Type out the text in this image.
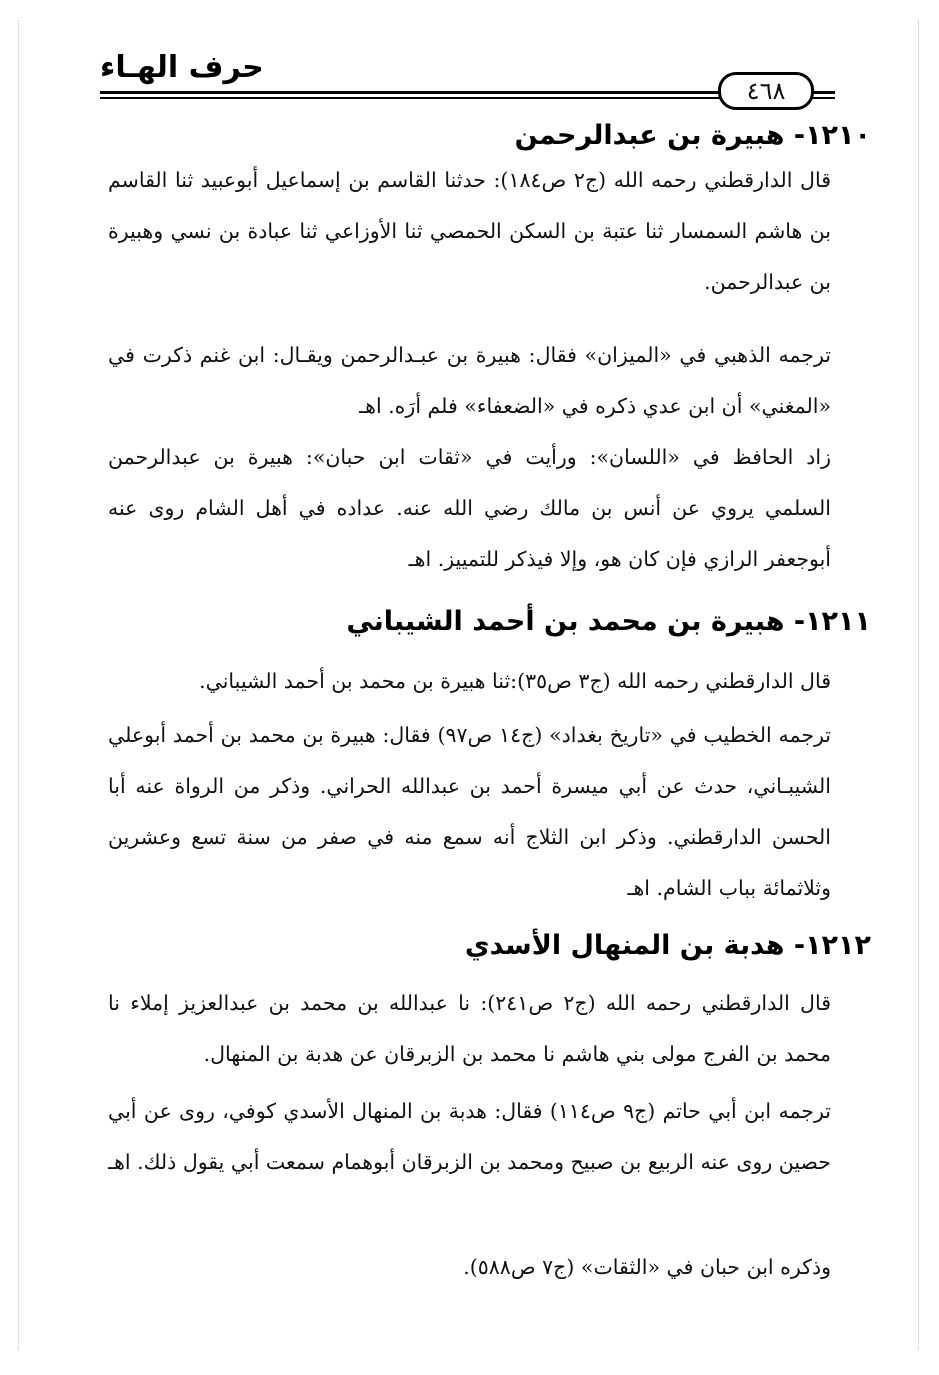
حرف الهـاء
٤٦٨
١٢١٠- هبيرة بن عبدالرحمن

قال الدارقطني رحمه الله (ج٢ ص١٨٤): حدثنا القاسم بن إسماعيل أبوعبيد ثنا القاسم بن هاشم السمسار ثنا عتبة بن السكن الحمصي ثنا الأوزاعي ثنا عبادة بن نسي وهبيرة بن عبدالرحمن.

ترجمه الذهبي في «الميزان» فقال: هبيرة بن عبـدالرحمن ويقـال: ابن غنم ذكرت في «المغني» أن ابن عدي ذكره في «الضعفاء» فلم أرَه. اهـ

زاد الحافظ في «اللسان»: ورأيت في «ثقات ابن حبان»: هبيرة بن عبدالرحمن السلمي يروي عن أنس بن مالك رضي الله عنه. عداده في أهل الشام روى عنه أبوجعفر الرازي فإن كان هو، وإلا فيذكر للتمييز. اهـ

١٢١١- هبيرة بن محمد بن أحمد الشيباني

قال الدارقطني رحمه الله (ج٣ ص٣٥):ثنا هبيرة بن محمد بن أحمد الشيباني.

ترجمه الخطيب في «تاريخ بغداد» (ج١٤ ص٩٧) فقال: هبيرة بن محمد بن أحمد أبوعلي الشيبـاني، حدث عن أبي ميسرة أحمد بن عبدالله الحراني. وذكر من الرواة عنه أبا الحسن الدارقطني. وذكر ابن الثلاج أنه سمع منه في صفر من سنة تسع وعشرين وثلاثمائة بباب الشام. اهـ

١٢١٢- هدبة بن المنهال الأسدي

قال الدارقطني رحمه الله (ج٢ ص٢٤١): نا عبدالله بن محمد بن عبدالعزيز إملاء نا محمد بن الفرج مولى بني هاشم نا محمد بن الزبرقان عن هدبة بن المنهال.

ترجمه ابن أبي حاتم (ج٩ ص١١٤) فقال: هدبة بن المنهال الأسدي كوفي، روى عن أبي حصين روى عنه الربيع بن صبيح ومحمد بن الزبرقان أبوهمام سمعت أبي يقول ذلك. اهـ

وذكره ابن حبان في «الثقات» (ج٧ ص٥٨٨).
